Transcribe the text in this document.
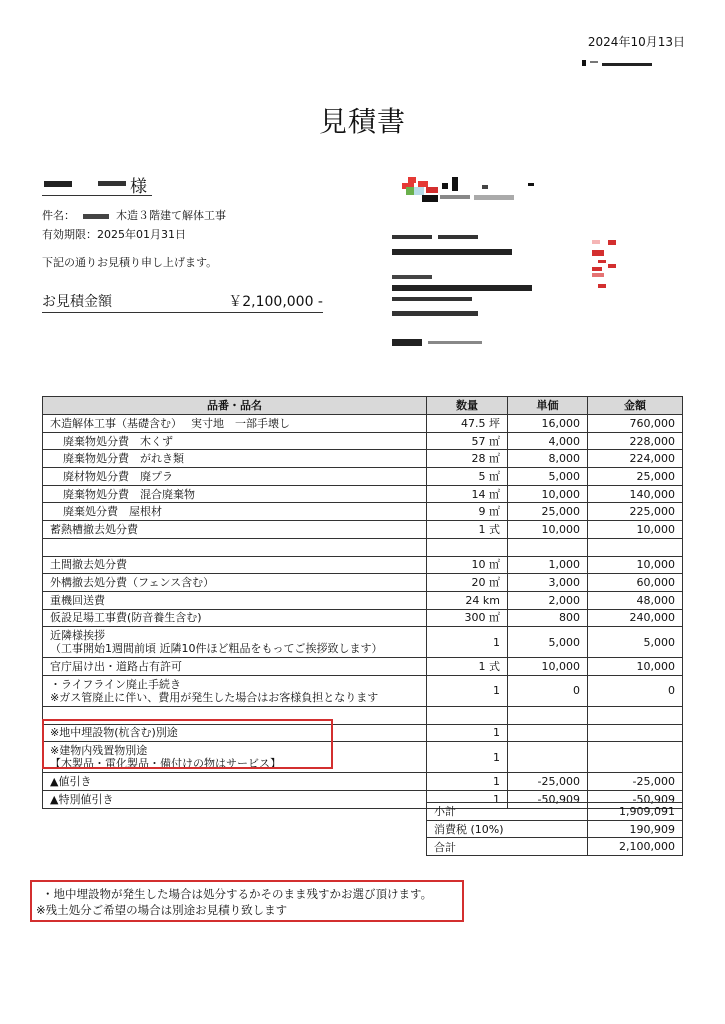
2024年10月13日
見積書
様
件名：	木造３階建て解体工事
有効期限：2025年01月31日
下記の通りお見積り申し上げます。
お見積金額	￥2,100,000 -
品番・品名	数量	単価	金額

木造解体工事（基礎含む）　 実寸地　一部手壊し	47.5 坪	16,000	760,000

廃棄物処分費　木くず	57 ㎡	4,000	228,000

廃棄物処分費　がれき類	28 ㎡	8,000	224,000

廃材物処分費　廃プラ	5 ㎡	5,000	25,000

廃棄物処分費　混合廃棄物	14 ㎡	10,000	140,000

廃棄処分費　屋根材	9 ㎡	25,000	225,000

蓄熱槽撤去処分費	1 式	10,000	10,000

土間撤去処分費	10 ㎡	1,000	10,000

外構撤去処分費（フェンス含む）	20 ㎡	3,000	60,000

重機回送費	24 km	2,000	48,000

仮設足場工事費(防音養生含む)	300 ㎡	800	240,000

近隣様挨拶
（工事開始1週間前頃 近隣10件ほど粗品をもってご挨拶致します）	1	5,000	5,000

官庁届け出・道路占有許可	1 式	10,000	10,000

・ライフライン廃止手続き
※ガス管廃止に伴い、費用が発生した場合はお客様負担となります	1	0	0

※地中埋設物(杭含む)別途	1		

※建物内残置物別途
【木製品・電化製品・備付けの物はサービス】	1		

▲値引き	1	-25,000	-25,000

▲特別値引き	1	-50,909	-50,909
小計	1,909,091
消費税 (10%)	190,909
合計	2,100,000
・地中埋設物が発生した場合は処分するかそのまま残すかお選び頂けます。
※残土処分ご希望の場合は別途お見積り致します
